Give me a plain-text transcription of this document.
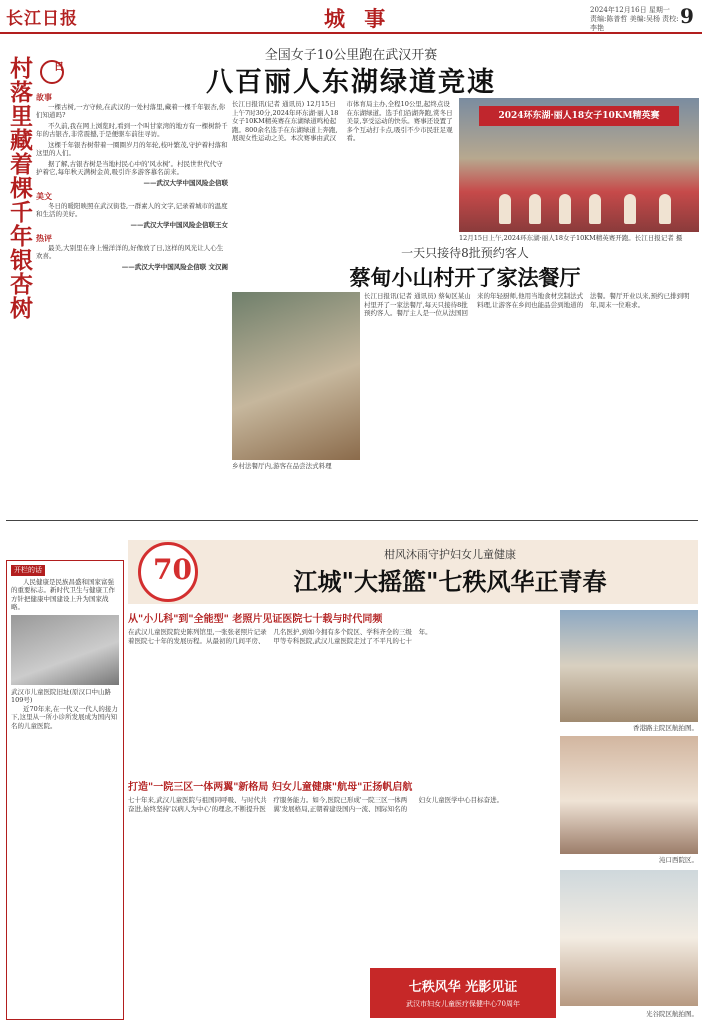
长江日报	城 事	2024年12月16日 星期一
责编:陈普哲 美编:吴杨 责校:李艳	9
全国女子10公里跑在武汉开赛
八百丽人东湖绿道竞速
村落里藏着棵千年银杏树 日
故事

一棵古树,一方守候,在武汉的一处村落里,藏着一棵千年银杏,你们知道吗?

不久前,我在网上浏览时,看到一个叫甘家湾的地方有一棵树龄千年的古银杏,非常震撼,于是便驱车前往寻访。

这棵千年银杏树带着一圈圈岁月的年轮,枝叶繁茂,守护着村落和这里的人们。

据了解,古银杏树是当地村民心中的'风水树'。村民世世代代守护着它,每年秋天满树金黄,吸引许多游客慕名前来。

——武汉大学中国风险企信联

美文

冬日的暖阳映照在武汉街巷,一群素人的文字,记录着城市的温度和生活的美好。

——武汉大学中国风险企信联王女

热评

最美,大别里在身上慢洋洋的,好像放了日,这样的风光让人心生欢喜。

——武汉大学中国风险企信联 文汉阁

长江日报讯(记者 通讯员) 12月15日上午7时30分,2024年环东湖·丽人18女子10KM精英赛在东湖绿道鸣枪起跑。800余名选手在东湖绿道上奔跑,展现女性运动之美。本次赛事由武汉市体育局主办,全程10公里,起终点设在东湖绿道。选手们沿湖奔跑,赏冬日美景,享受运动的快乐。赛事还设置了多个互动打卡点,吸引不少市民驻足观看。
2024环东湖·丽人18女子10KM精英赛
12月15日上午,2024环东湖·丽人18女子10KM精英赛开跑。长江日报记者 摄
一天只接待8批预约客人
蔡甸小山村开了家法餐厅
乡村法餐厅内,游客在品尝法式料理
长江日报讯(记者 通讯员) 蔡甸区某山村里开了一家法餐厅,每天只接待8批预约客人。餐厅主人是一位从法国回来的年轻厨师,他用当地食材烹制法式料理,让游客在乡间也能品尝到地道的法餐。餐厅开业以来,预约已排到明年,周末一位难求。
开栏的话

人民健康是民族昌盛和国家富强的重要标志。新时代卫生与健康工作方针把健康中国建设上升为国家战略。

武汉市儿童医院旧址(原汉口中山路109号)

近70年来,在一代又一代人的接力下,这里从一所小诊所发展成为国内知名的儿童医院。

70	柑风沐雨守护妇女儿童健康
江城"大摇篮"七秩风华正青春
从"小儿科"到"全能型" 老照片见证医院七十载与时代同频
在武汉儿童医院院史陈列馆里,一张张老照片记录着医院七十年的发展历程。从最初的几间平房、几名医护,到如今拥有多个院区、学科齐全的三级甲等专科医院,武汉儿童医院走过了不平凡的七十年。
打造"一院三区一体两翼"新格局 妇女儿童健康"航母"正扬帆启航
七十年来,武汉儿童医院与祖国同呼吸、与时代共奋进,始终坚持'以病人为中心'的理念,不断提升医疗服务能力。如今,医院已形成'一院三区一体两翼'发展格局,正朝着建设国内一流、国际知名的妇女儿童医学中心目标奋进。
香港路主院区航拍图。
沌口西院区。
光谷院区航拍图。
七秩风华 光影见证
武汉市妇女儿童医疗保健中心70周年
